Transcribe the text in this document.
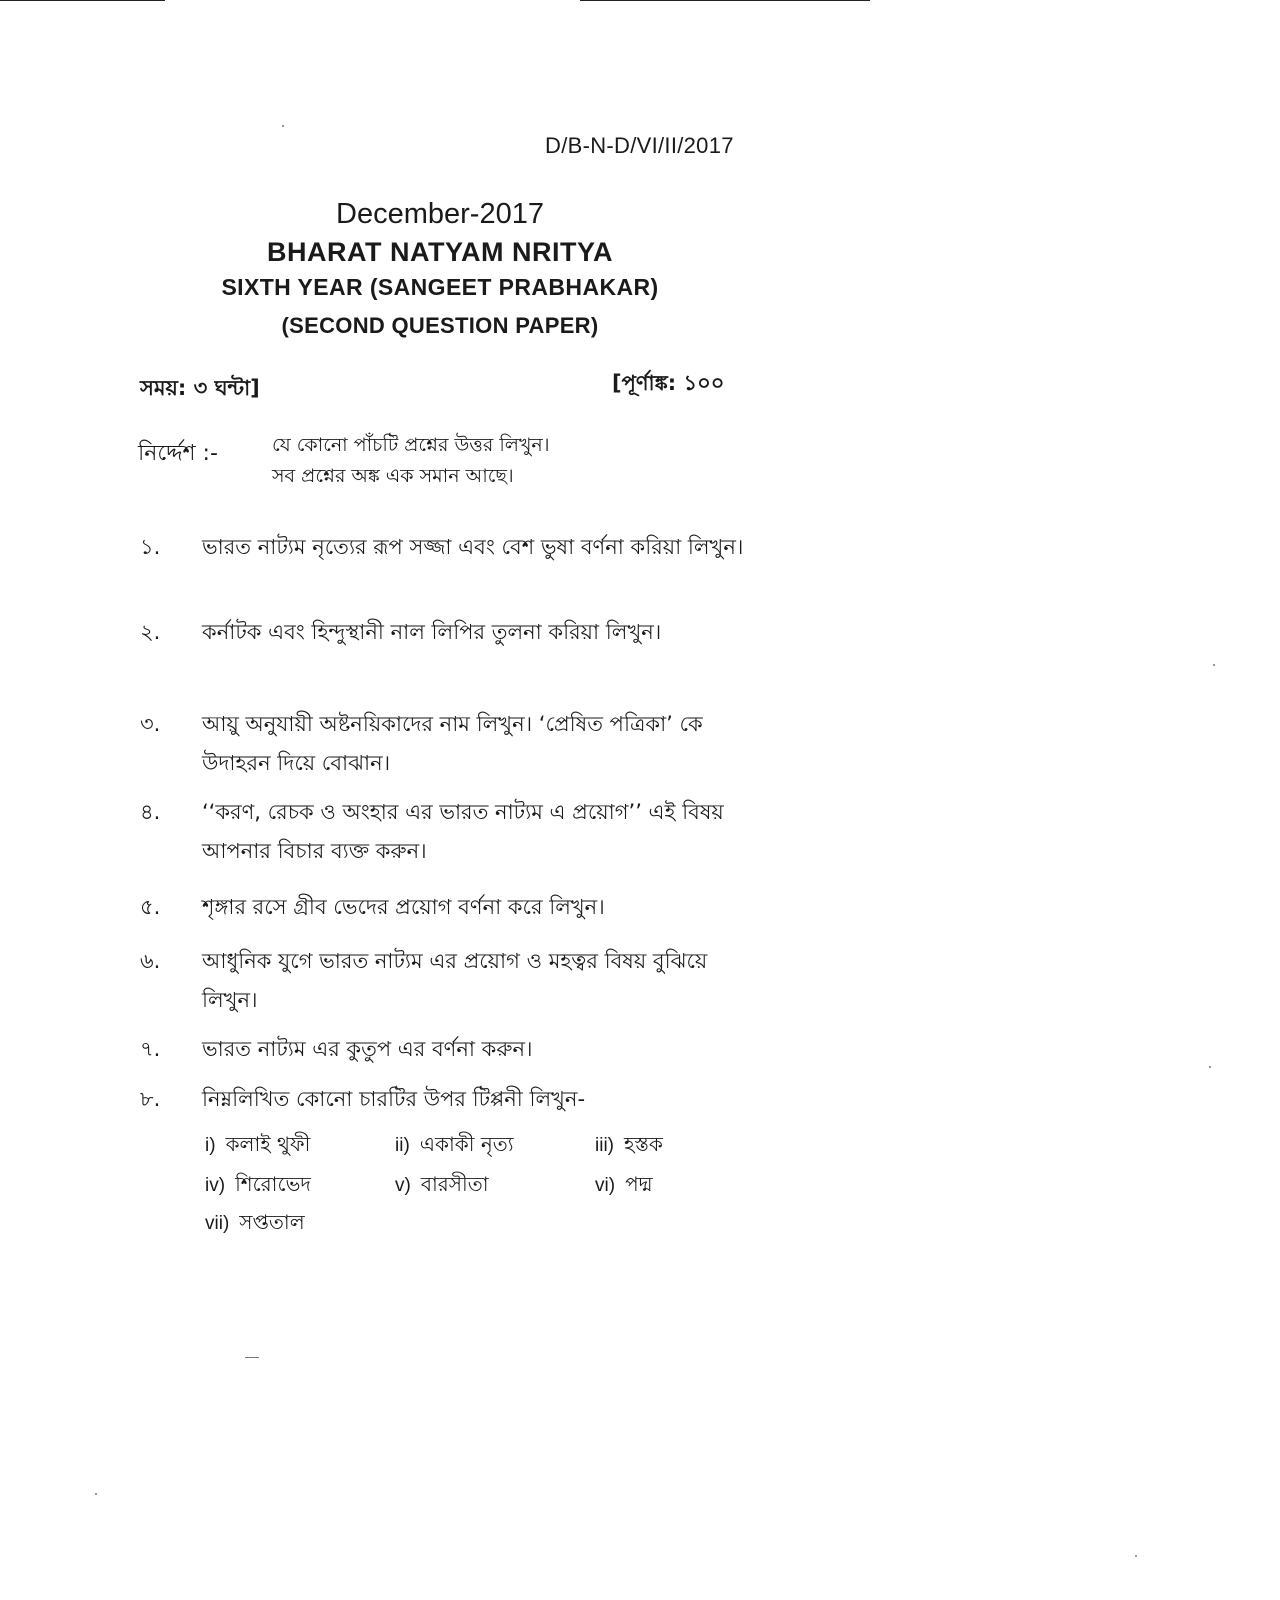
D/B-N-D/VI/II/2017
December-2017
BHARAT NATYAM NRITYA
SIXTH YEAR (SANGEET PRABHAKAR)
(SECOND QUESTION PAPER)
সময়: ৩ ঘন্টা]	[পূর্ণাঙ্ক: ১০০
নির্দ্দেশ :-	যে কোনো পাঁচটি প্রশ্নের উত্তর লিখুন।
সব প্রশ্নের অঙ্ক এক সমান আছে।
১.	ভারত নাট্যম নৃত্যের রূপ সজ্জা এবং বেশ ভুষা বর্ণনা করিয়া লিখুন।
২.	কর্নাটক এবং হিন্দুস্থানী নাল লিপির তুলনা করিয়া লিখুন।
৩.	আয়ু অনুযায়ী অষ্টনয়িকাদের নাম লিখুন। ‘প্রেষিত পত্রিকা’ কে উদাহরন দিয়ে বোঝান।
৪.	‘‘করণ, রেচক ও অংহার এর ভারত নাট্যম এ প্রয়োগ’’ এই বিষয় আপনার বিচার ব্যক্ত করুন।
৫.	শৃঙ্গার রসে গ্রীব ভেদের প্রয়োগ বর্ণনা করে লিখুন।
৬.	আধুনিক যুগে ভারত নাট্যম এর প্রয়োগ ও মহত্বর বিষয় বুঝিয়ে লিখুন।
৭.	ভারত নাট্যম এর কুতুপ এর বর্ণনা করুন।
৮.	নিম্নলিখিত কোনো চারটির উপর টিপ্পনী লিখুন-
i) কলাই থুফী	ii) একাকী নৃত্য	iii) হস্তক
iv) শিরোভেদ	v) বারসীতা	vi) পদ্ম
vii) সপ্ততাল
